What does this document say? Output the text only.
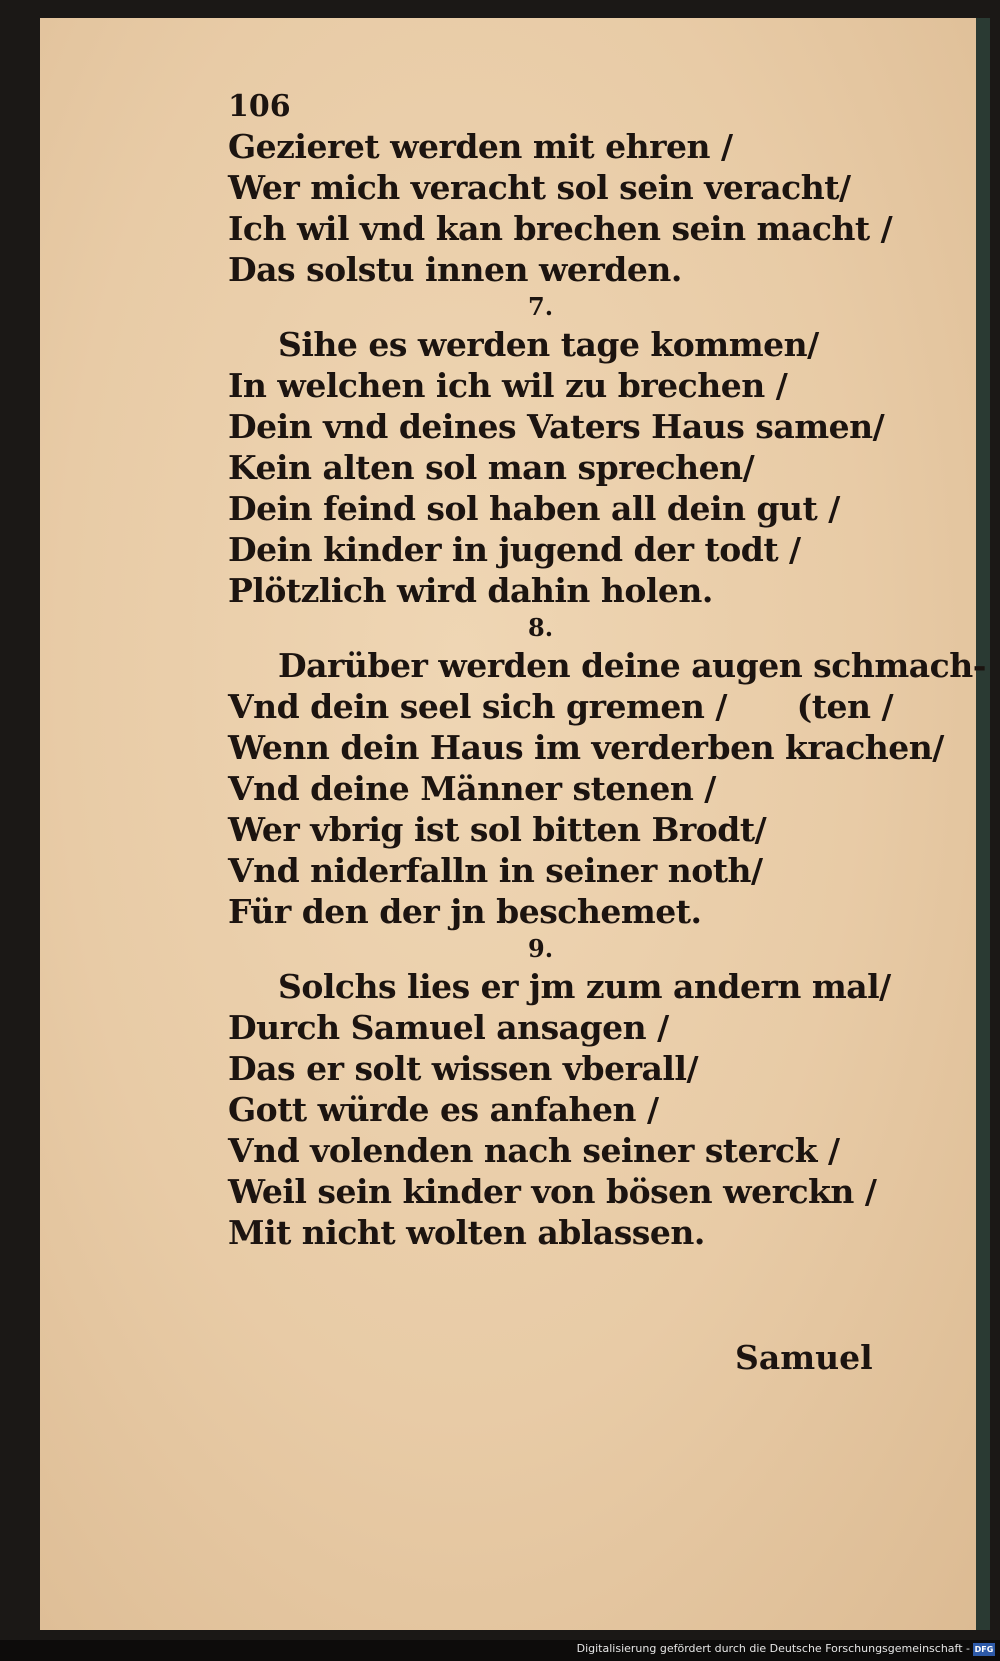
106
Gezieret werden mit ehren /
Wer mich veracht sol sein veracht/
Ich wil vnd kan brechen sein macht /
Das solstu innen werden.
7.
Sihe es werden tage kommen/
In welchen ich wil zu brechen /
Dein vnd deines Vaters Haus samen/
Kein alten sol man sprechen/
Dein feind sol haben all dein gut /
Dein kinder in jugend der todt /
Plötzlich wird dahin holen.
8.
Darüber werden deine augen schmach-
Vnd dein seel sich gremen / (ten /
Wenn dein Haus im verderben krachen/
Vnd deine Männer stenen /
Wer vbrig ist sol bitten Brodt/
Vnd niderfalln in seiner noth/
Für den der jn beschemet.
9.
Solchs lies er jm zum andern mal/
Durch Samuel ansagen /
Das er solt wissen vberall/
Gott würde es anfahen /
Vnd volenden nach seiner sterck /
Weil sein kinder von bösen werckn /
Mit nicht wolten ablassen.
Samuel
Digitalisierung gefördert durch die Deutsche Forschungsgemeinschaft - DFG
